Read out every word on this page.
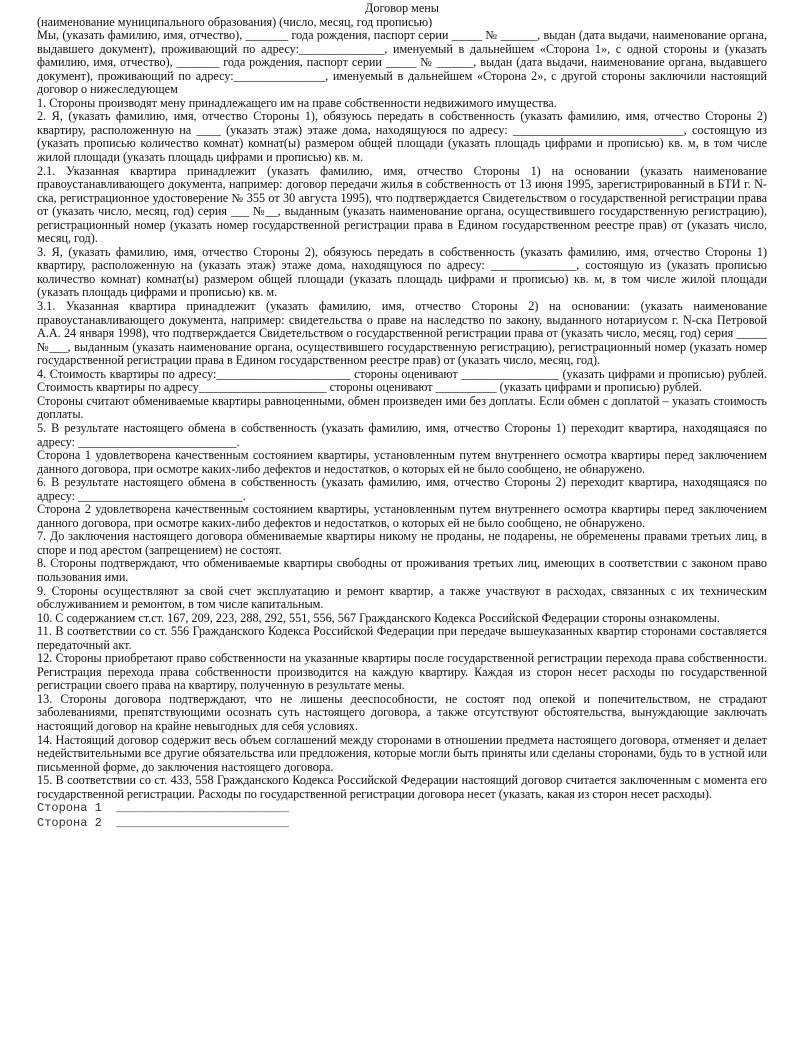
Договор мены
(наименование муниципального образования) (число, месяц, год прописью)
Мы, (указать фамилию, имя, отчество), _______ года рождения, паспорт серии _____ № ______, выдан (дата выдачи, наименование органа, выдавшего документ), проживающий по адресу:______________, именуемый в дальнейшем «Сторона 1», с одной стороны и (указать фамилию, имя, отчество), _______ года рождения, паспорт серии _____ № ______, выдан (дата выдачи, наименование органа, выдавшего документ), проживающий по адресу:_______________, именуемый в дальнейшем «Сторона 2», с другой стороны заключили настоящий договор о нижеследующем
1. Стороны производят мену принадлежащего им на праве собственности недвижимого имущества.
2. Я, (указать фамилию, имя, отчество Стороны 1), обязуюсь передать в собственность (указать фамилию, имя, отчество Стороны 2) квартиру, расположенную на ____ (указать этаж) этаже дома, находящуюся по адресу: ____________________________, состоящую из (указать прописью количество комнат) комнат(ы) размером общей площади (указать площадь цифрами и прописью) кв. м, в том числе жилой площади (указать площадь цифрами и прописью) кв. м.
2.1. Указанная квартира принадлежит (указать фамилию, имя, отчество Стороны 1) на основании (указать наименование правоустанавливающего документа, например: договор передачи жилья в собственность от 13 июня 1995, зарегистрированный в БТИ г. N-ска, регистрационное удостоверение № 355 от 30 августа 1995), что подтверждается Свидетельством о государственной регистрации права от (указать число, месяц, год) серия ___ №__, выданным (указать наименование органа, осуществившего государственную регистрацию), регистрационный номер (указать номер государственной регистрации права в Едином государственном реестре прав) от (указать число, месяц, год).
3. Я, (указать фамилию, имя, отчество Стороны 2), обязуюсь передать в собственность (указать фамилию, имя, отчество Стороны 1) квартиру, расположенную на (указать этаж) этаже дома, находящуюся по адресу: ______________, состоящую из (указать прописью количество комнат) комнат(ы) размером общей площади (указать площадь цифрами и прописью) кв. м, в том числе жилой площади (указать площадь цифрами и прописью) кв. м.
3.1. Указанная квартира принадлежит (указать фамилию, имя, отчество Стороны 2) на основании: (указать наименование правоустанавливающего документа, например: свидетельства о праве на наследство по закону, выданного нотариусом г. N-ска Петровой А.А. 24 января 1998), что подтверждается Свидетельством о государственной регистрации права от (указать число, месяц, год) серия _____ №___, выданным (указать наименование органа, осуществившего государственную регистрацию), регистрационный номер (указать номер государственной регистрации права в Едином государственном реестре прав) от (указать число, месяц, год).
4. Стоимость квартиры по адресу:______________________ стороны оценивают ________________ (указать цифрами и прописью) рублей. Стоимость квартиры по адресу_____________________ стороны оценивают __________ (указать цифрами и прописью) рублей.
Стороны считают обмениваемые квартиры равноценными, обмен произведен ими без доплаты. Если обмен с доплатой – указать стоимость доплаты.
5. В результате настоящего обмена в собственность (указать фамилию, имя, отчество Стороны 1) переходит квартира, находящаяся по адресу: __________________________.
Сторона 1 удовлетворена качественным состоянием квартиры, установленным путем внутреннего осмотра квартиры перед заключением данного договора, при осмотре каких-либо дефектов и недостатков, о которых ей не было сообщено, не обнаружено.
6. В результате настоящего обмена в собственность (указать фамилию, имя, отчество Стороны 2) переходит квартира, находящаяся по адресу: ___________________________.
Сторона 2 удовлетворена качественным состоянием квартиры, установленным путем внутреннего осмотра квартиры перед заключением данного договора, при осмотре каких-либо дефектов и недостатков, о которых ей не было сообщено, не обнаружено.
7. До заключения настоящего договора обмениваемые квартиры никому не проданы, не подарены, не обременены правами третьих лиц, в споре и под арестом (запрещением) не состоят.
8. Стороны подтверждают, что обмениваемые квартиры свободны от проживания третьих лиц, имеющих в соответствии с законом право пользования ими.
9. Стороны осуществляют за свой счет эксплуатацию и ремонт квартир, а также участвуют в расходах, связанных с их техническим обслуживанием и ремонтом, в том числе капитальным.
10. С содержанием ст.ст. 167, 209, 223, 288, 292, 551, 556, 567 Гражданского Кодекса Российской Федерации стороны ознакомлены.
11. В соответствии со ст. 556 Гражданского Кодекса Российской Федерации при передаче вышеуказанных квартир сторонами составляется передаточный акт.
12. Стороны приобретают право собственности на указанные квартиры после государственной регистрации перехода права собственности. Регистрация перехода права собственности производится на каждую квартиру. Каждая из сторон несет расходы по государственной регистрации своего права на квартиру, полученную в результате мены.
13. Стороны договора подтверждают, что не лишены дееспособности, не состоят под опекой и попечительством, не страдают заболеваниями, препятствующими осознать суть настоящего договора, а также отсутствуют обстоятельства, вынуждающие заключать настоящий договор на крайне невыгодных для себя условиях.
14. Настоящий договор содержит весь объем соглашений между сторонами в отношении предмета настоящего договора, отменяет и делает недействительными все другие обязательства или предложения, которые могли быть приняты или сделаны сторонами, будь то в устной или письменной форме, до заключения настоящего договора.
15. В соответствии со ст. 433, 558 Гражданского Кодекса Российской Федерации настоящий договор считается заключенным с момента его государственной регистрации. Расходы по государственной регистрации договора несет (указать, какая из сторон несет расходы).
Сторона 1  ________________________
Сторона 2  ________________________
